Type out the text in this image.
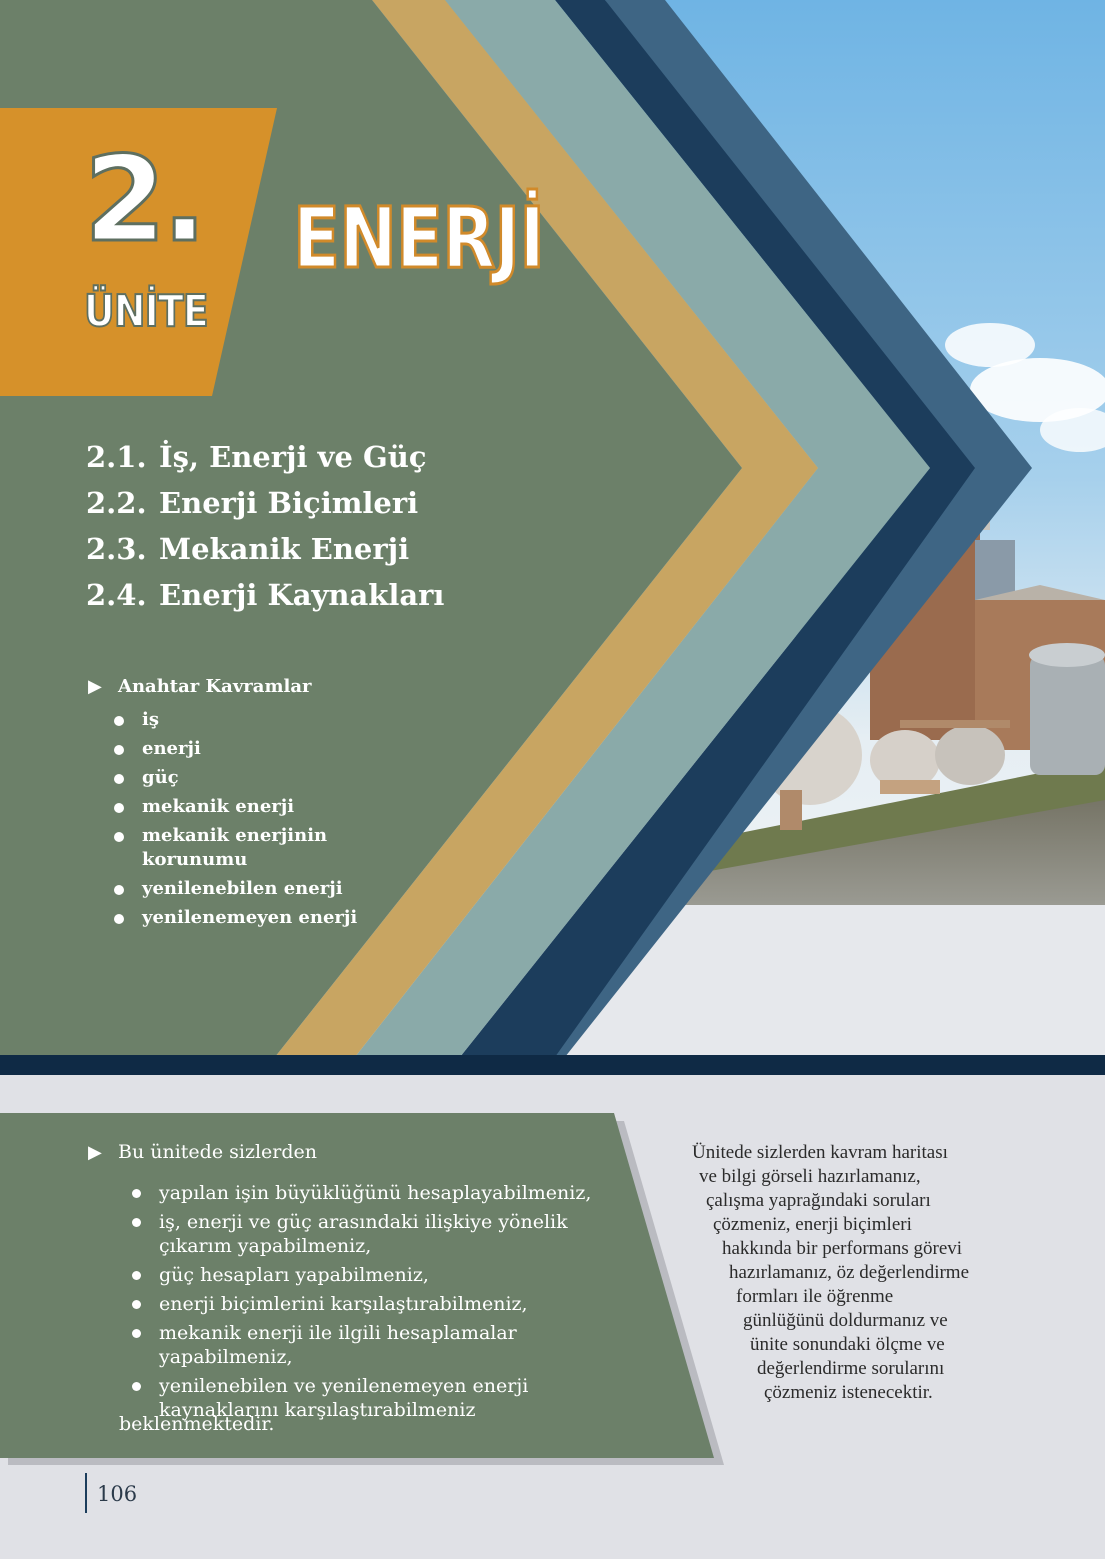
2.
ÜNİTE
ENERJİ
2.1. İş, Enerji ve Güç
2.2. Enerji Biçimleri
2.3. Mekanik Enerji
2.4. Enerji Kaynakları
▶ Anahtar Kavramlar
iş
enerji
güç
mekanik enerji
mekanik enerjinin korunumu
yenilenebilen enerji
yenilenemeyen enerji
▶ Bu ünitede sizlerden
yapılan işin büyüklüğünü hesaplayabilmeniz,
iş, enerji ve güç arasındaki ilişkiye yönelik çıkarım yapabilmeniz,
güç hesapları yapabilmeniz,
enerji biçimlerini karşılaştırabilmeniz,
mekanik enerji ile ilgili hesaplamalar yapabilmeniz,
yenilenebilen ve yenilenemeyen enerji kaynaklarını karşılaştırabilmeniz
beklenmektedir.
Ünitede sizlerden kavram haritası
ve bilgi görseli hazırlamanız,
çalışma yaprağındaki soruları
çözmeniz, enerji biçimleri
hakkında bir performans görevi
hazırlamanız, öz değerlendirme
formları ile öğrenme
günlüğünü doldurmanız ve
ünite sonundaki ölçme ve
değerlendirme sorularını
çözmeniz istenecektir.
106
